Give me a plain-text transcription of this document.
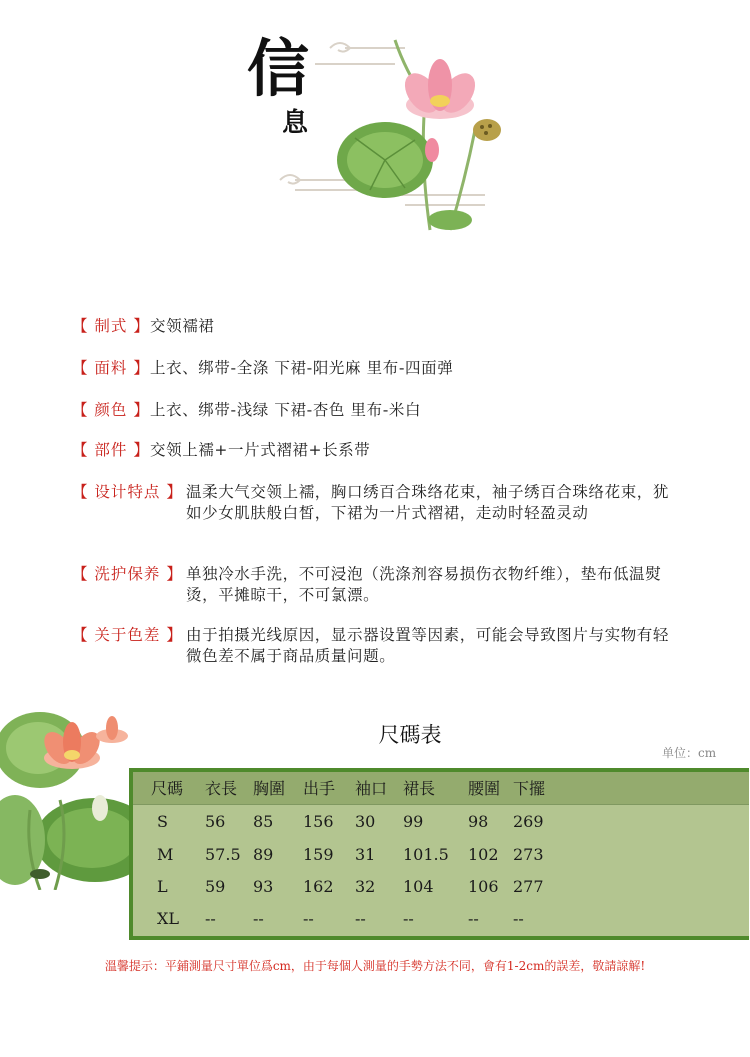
信
息
【 制式 】 交领襦裙
【 面料 】 上衣、绑带-全涤 下裙-阳光麻 里布-四面弹
【 颜色 】 上衣、绑带-浅绿 下裙-杏色 里布-米白
【 部件 】 交领上襦+一片式褶裙+长系带
【 设计特点 】 温柔大气交领上襦，胸口绣百合珠络花束，袖子绣百合珠络花束，犹如少女肌肤般白皙，下裙为一片式褶裙，走动时轻盈灵动
【 洗护保养 】 单独冷水手洗，不可浸泡（洗涤剂容易损伤衣物纤维），垫布低温熨烫，平摊晾干，不可氯漂。
【 关于色差 】 由于拍摄光线原因，显示器设置等因素，可能会导致图片与实物有轻微色差不属于商品质量问题。
尺碼表
单位：cm
尺碼 衣長 胸圍 出手 袖口 裙長 腰圍 下擺
S 56 85 156 30 99	98 269
M 57.5 89 159 31 101.5 102 273
L 59 93 162 32 104 106 277
XL -- -- --	-- --	-- --
溫馨提示：平鋪測量尺寸單位爲cm，由于每個人測量的手勢方法不同，會有1-2cm的誤差，敬請諒解!
